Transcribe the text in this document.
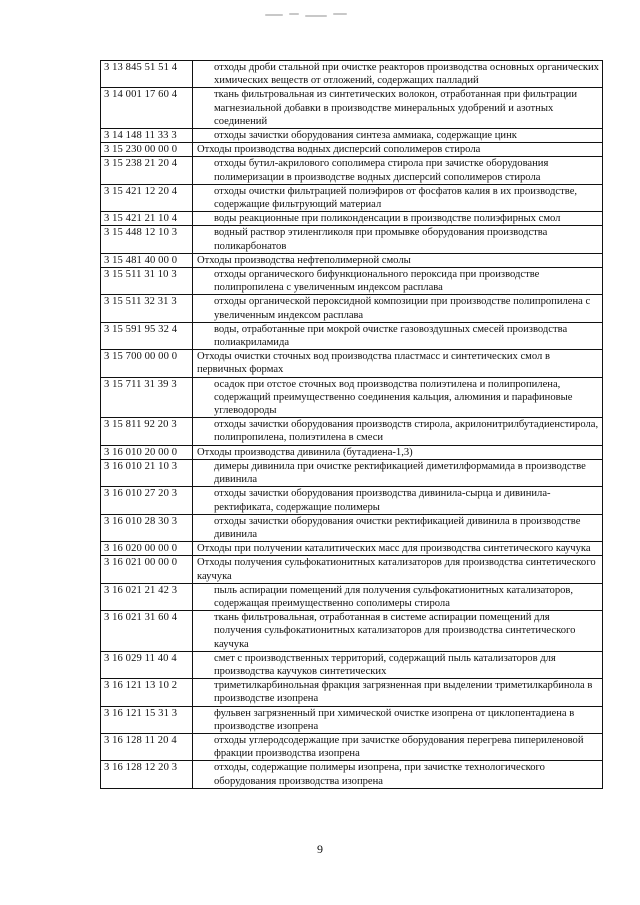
3 13 845 51 51 4	отходы дроби стальной при очистке реакторов производства основных органических химических веществ от отложений, содержащих палладий
3 14 001 17 60 4	ткань фильтровальная из синтетических волокон, отработанная при фильтрации магнезиальной добавки в производстве минеральных удобрений и азотных соединений
3 14 148 11 33 3	отходы зачистки оборудования синтеза аммиака, содержащие цинк
3 15 230 00 00 0	Отходы производства водных дисперсий сополимеров стирола
3 15 238 21 20 4	отходы бутил-акрилового сополимера стирола при зачистке оборудования полимеризации в производстве водных дисперсий сополимеров стирола
3 15 421 12 20 4	отходы очистки фильтрацией полиэфиров от фосфатов калия в их производстве, содержащие фильтрующий материал
3 15 421 21 10 4	воды реакционные при поликонденсации в производстве полиэфирных смол
3 15 448 12 10 3	водный раствор этиленгликоля при промывке оборудования производства поликарбонатов
3 15 481 40 00 0	Отходы производства нефтеполимерной смолы
3 15 511 31 10 3	отходы органического бифункционального пероксида при производстве полипропилена с увеличенным индексом расплава
3 15 511 32 31 3	отходы органической пероксидной композиции при производстве полипропилена с увеличенным индексом расплава
3 15 591 95 32 4	воды, отработанные при мокрой очистке газовоздушных смесей производства полиакриламида
3 15 700 00 00 0	Отходы очистки сточных вод производства пластмасс и синтетических смол в первичных формах
3 15 711 31 39 3	осадок при отстое сточных вод производства полиэтилена и полипропилена, содержащий преимущественно соединения кальция, алюминия и парафиновые углеводороды
3 15 811 92 20 3	отходы зачистки оборудования производств стирола, акрилонитрилбутадиенстирола, полипропилена, полиэтилена в смеси
3 16 010 20 00 0	Отходы производства дивинила (бутадиена-1,3)
3 16 010 21 10 3	димеры дивинила при очистке ректификацией диметилформамида в производстве дивинила
3 16 010 27 20 3	отходы зачистки оборудования производства дивинила-сырца и дивинила-ректификата, содержащие полимеры
3 16 010 28 30 3	отходы зачистки оборудования очистки ректификацией дивинила в производстве дивинила
3 16 020 00 00 0	Отходы при получении каталитических масс для производства синтетического каучука
3 16 021 00 00 0	Отходы получения сульфокатионитных катализаторов для производства синтетического каучука
3 16 021 21 42 3	пыль аспирации помещений для получения сульфокатионитных катализаторов, содержащая преимущественно сополимеры стирола
3 16 021 31 60 4	ткань фильтровальная, отработанная в системе аспирации помещений для получения сульфокатионитных катализаторов для производства синтетического каучука
3 16 029 11 40 4	смет с производственных территорий, содержащий пыль катализаторов для производства каучуков синтетических
3 16 121 13 10 2	триметилкарбинольная фракция загрязненная при выделении триметилкарбинола в производстве изопрена
3 16 121 15 31 3	фульвен загрязненный при химической очистке изопрена от циклопентадиена в производстве изопрена
3 16 128 11 20 4	отходы углеродсодержащие при зачистке оборудования перегрева пипериленовой фракции производства изопрена
3 16 128 12 20 3	отходы, содержащие полимеры изопрена, при зачистке технологического оборудования производства изопрена
9
